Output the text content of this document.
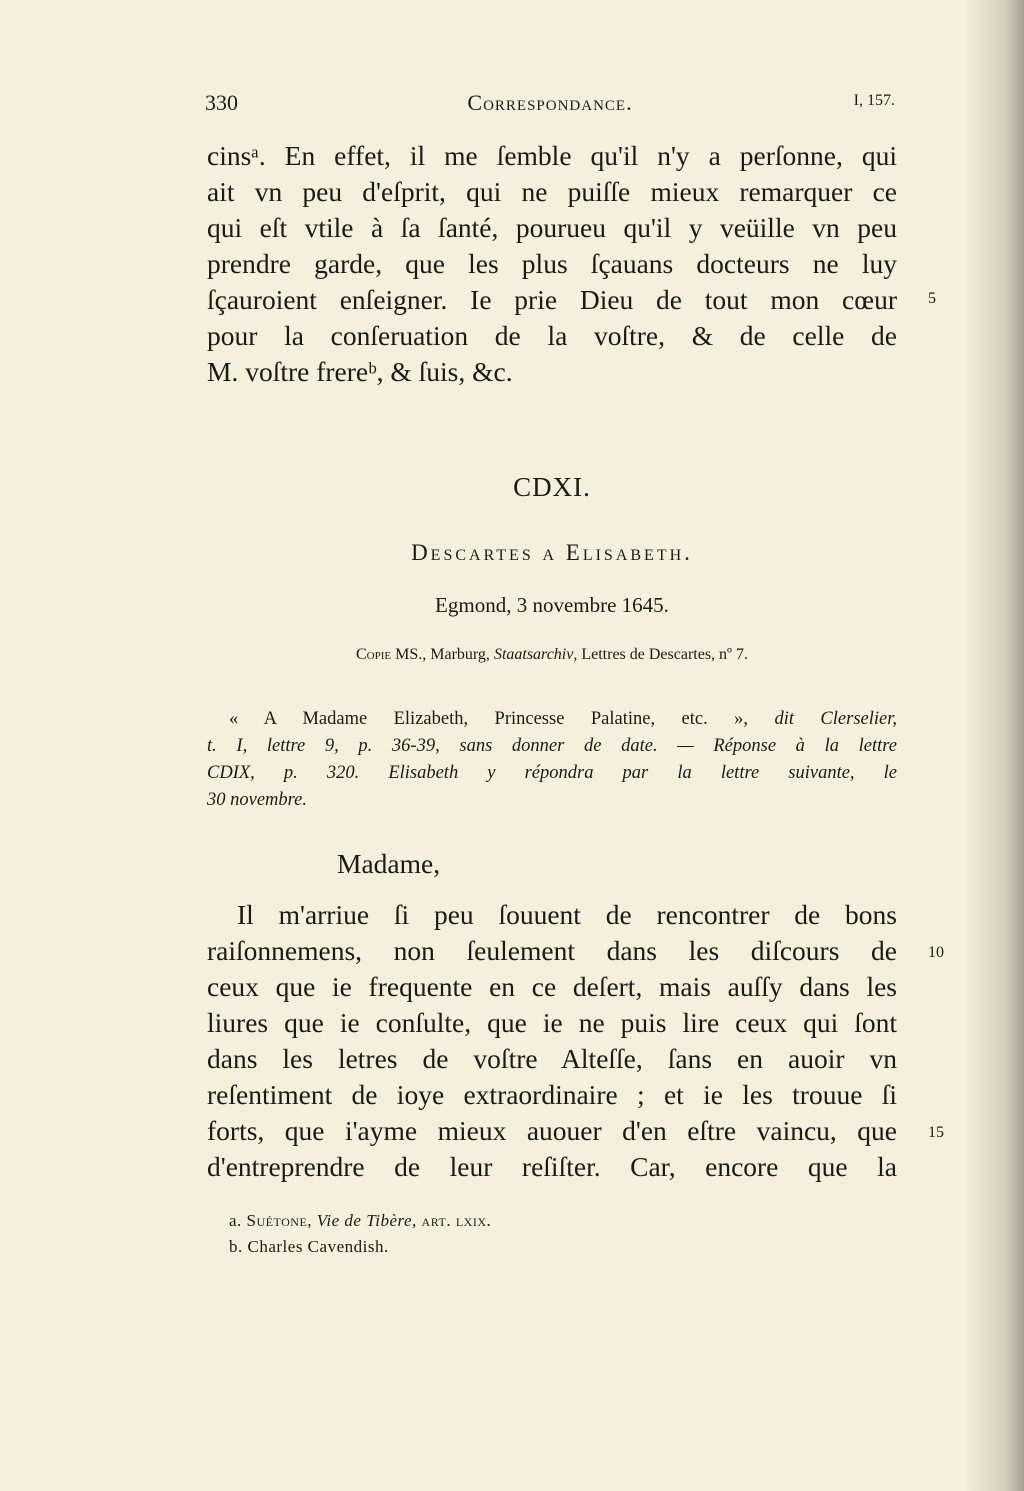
330	Correspondance.	I, 157.
cinsᵃ. En effet, il me ſemble qu'il n'y a perſonne, qui
ait vn peu d'eſprit, qui ne puiſſe mieux remarquer ce
qui eſt vtile à ſa ſanté, pourueu qu'il y veüille vn peu
prendre garde, que les plus ſçauans docteurs ne luy
ſçauroient enſeigner. Ie prie Dieu de tout mon cœur
pour la conſeruation de la voſtre, & de celle de
M. voſtre frereᵇ, & ſuis, &c.
5
CDXI.
Descartes a Elisabeth.
Egmond, 3 novembre 1645.
Copie MS., Marburg, Staatsarchiv, Lettres de Descartes, nº 7.
« A Madame Elizabeth, Princesse Palatine, etc. », dit Clerselier,
t. I, lettre 9, p. 36-39, sans donner de date. — Réponse à la lettre
CDIX, p. 320. Elisabeth y répondra par la lettre suivante, le
30 novembre.
Madame,
Il m'arriue ſi peu ſouuent de rencontrer de bons
raiſonnemens, non ſeulement dans les diſcours de
ceux que ie frequente en ce deſert, mais auſſy dans les
liures que ie conſulte, que ie ne puis lire ceux qui ſont
dans les letres de voſtre Alteſſe, ſans en auoir vn
reſentiment de ioye extraordinaire ; et ie les trouue ſi
forts, que i'ayme mieux auouer d'en eſtre vaincu, que
d'entreprendre de leur reſiſter. Car, encore que la
10
15
a. Suétone, Vie de Tibère, art. lxix.
b. Charles Cavendish.
